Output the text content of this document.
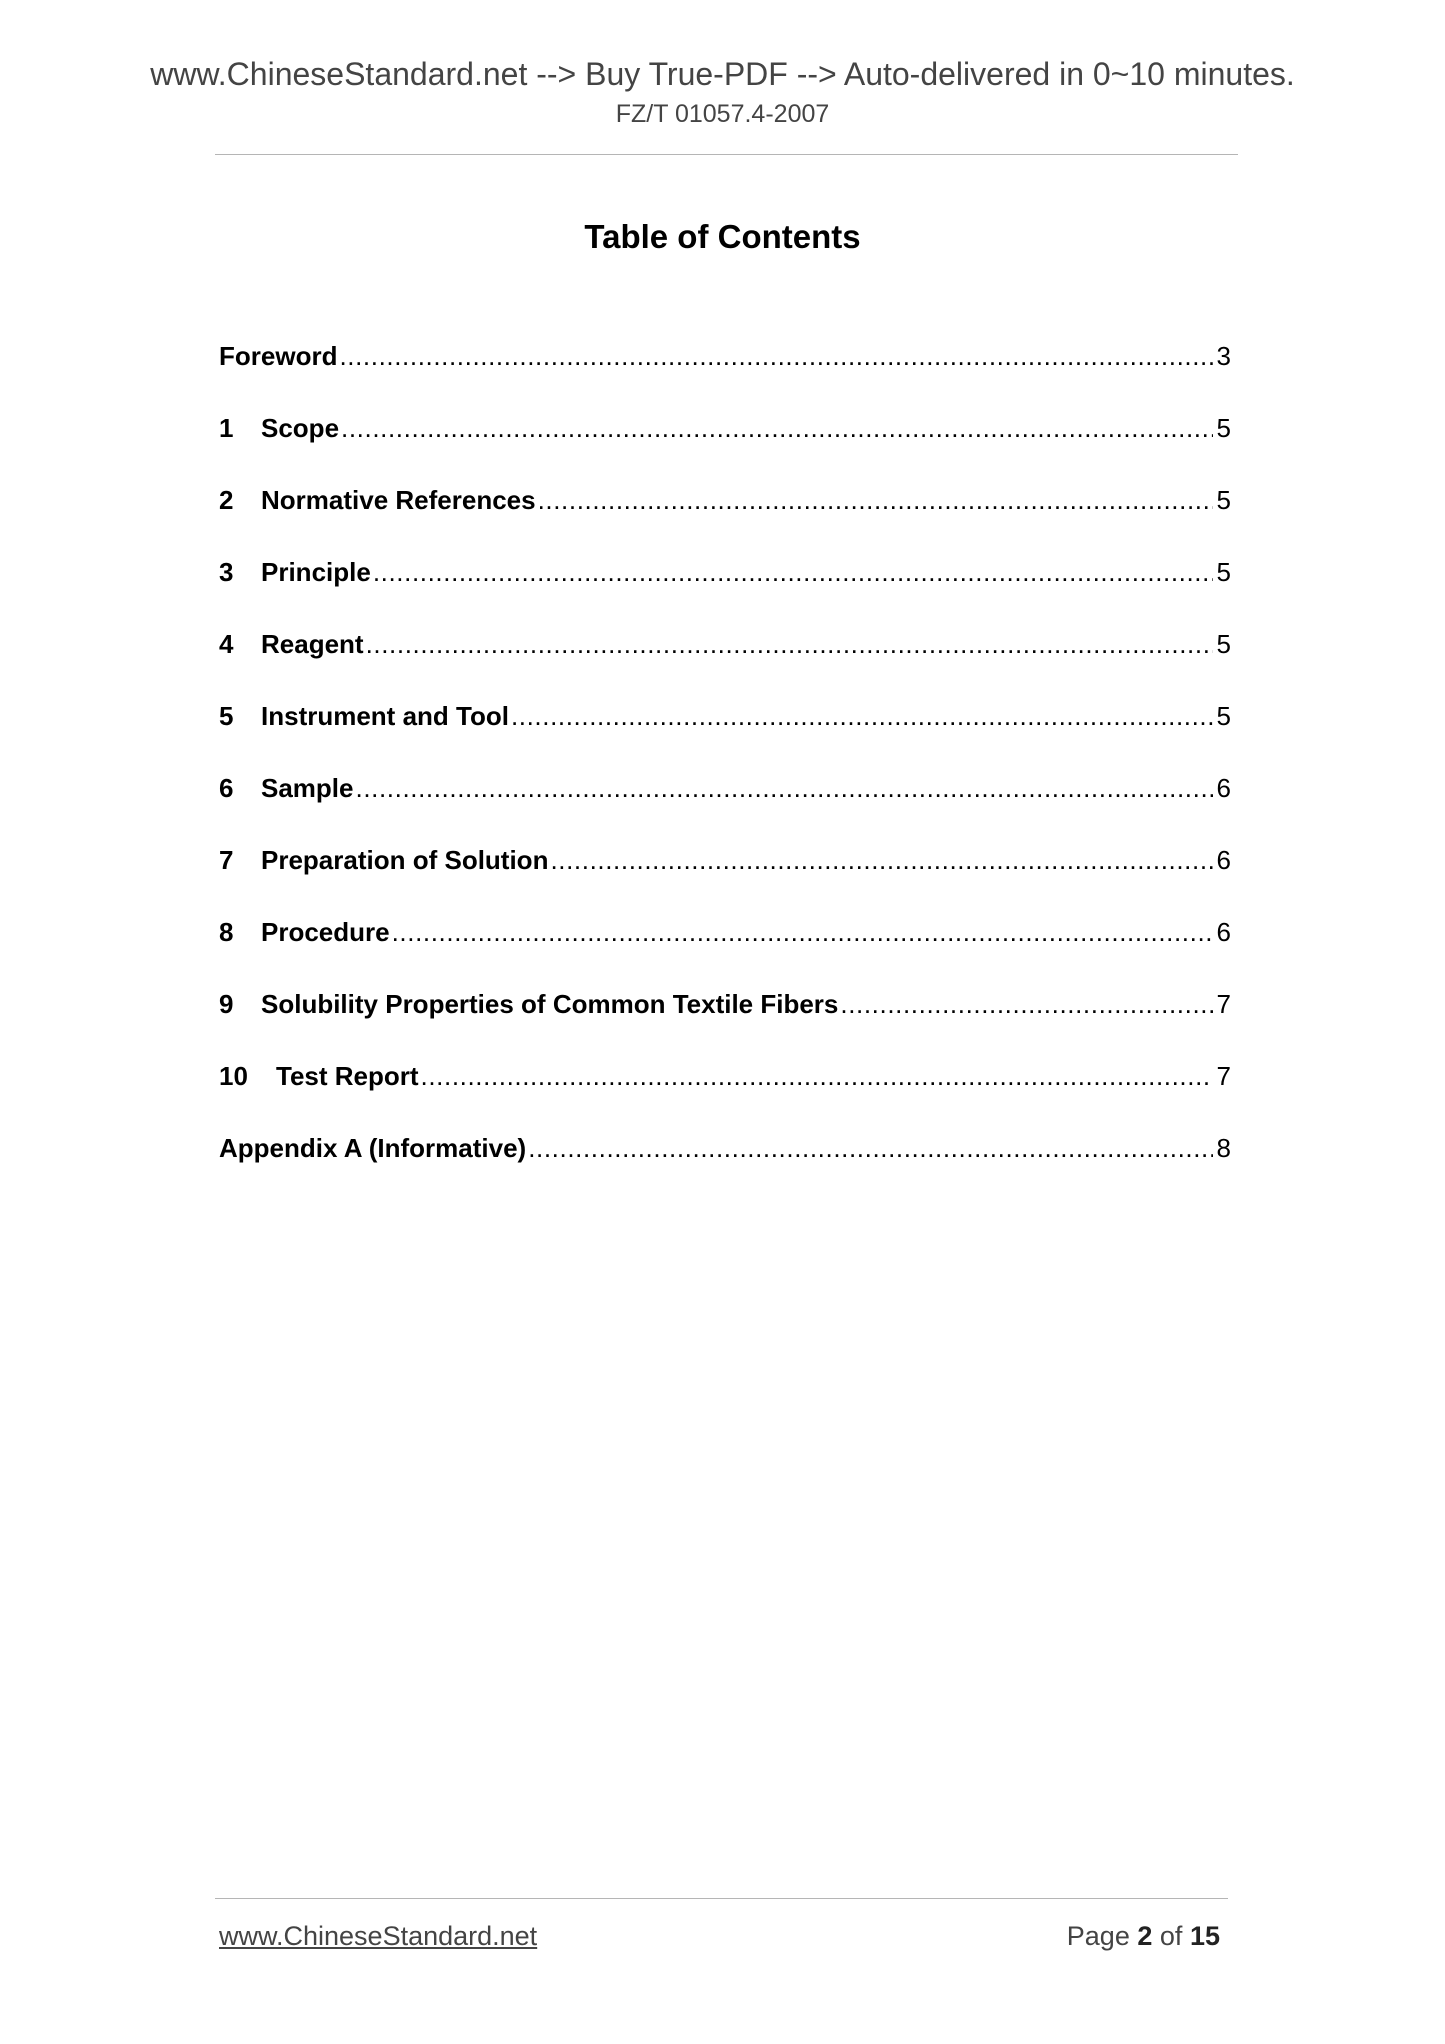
www.ChineseStandard.net --> Buy True-PDF --> Auto-delivered in 0~10 minutes.
FZ/T 01057.4-2007
Table of Contents
Foreword .....	3
1	Scope .....	5
2	Normative References .....	5
3	Principle .....	5
4	Reagent .....	5
5	Instrument and Tool .....	5
6	Sample .....	6
7	Preparation of Solution .....	6
8	Procedure .....	6
9	Solubility Properties of Common Textile Fibers .....	7
10	Test Report .....	7
Appendix A (Informative) .....	8
www.ChineseStandard.net	Page 2 of 15
